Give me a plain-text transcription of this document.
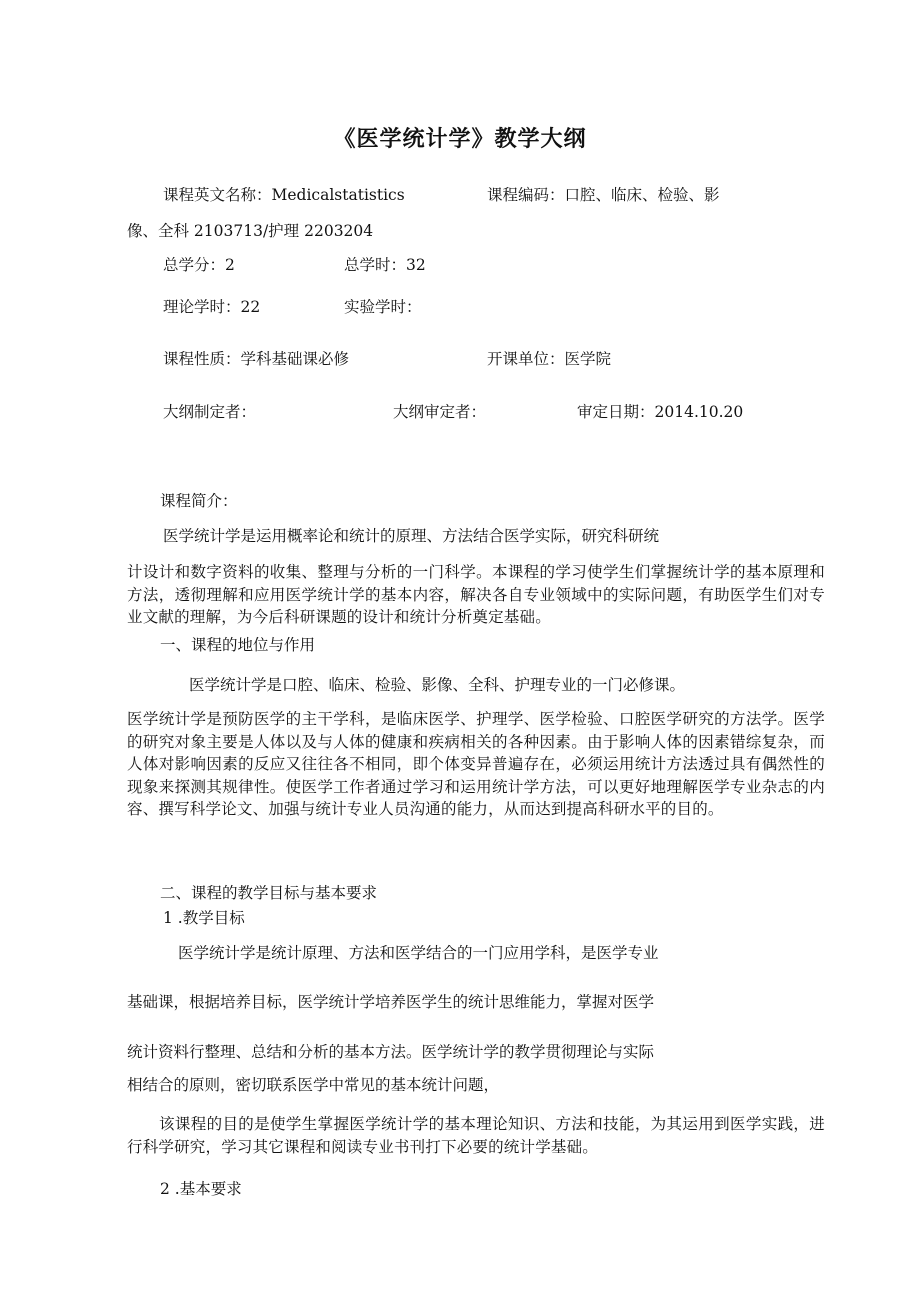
《医学统计学》教学大纲
课程英文名称：Medicalstatistics	课程编码：口腔、临床、检验、影
像、全科 2103713/护理 2203204
总学分：2	总学时：32
理论学时：22	实验学时：
课程性质：学科基础课必修	开课单位：医学院
大纲制定者：	大纲审定者：	审定日期：2014.10.20
课程简介：
医学统计学是运用概率论和统计的原理、方法结合医学实际，研究科研统
计设计和数字资料的收集、整理与分析的一门科学。本课程的学习使学生们掌握统计学的基本原理和方法，透彻理解和应用医学统计学的基本内容，解决各自专业领域中的实际问题，有助医学生们对专业文献的理解，为今后科研课题的设计和统计分析奠定基础。
一、课程的地位与作用
医学统计学是口腔、临床、检验、影像、全科、护理专业的一门必修课。
医学统计学是预防医学的主干学科，是临床医学、护理学、医学检验、口腔医学研究的方法学。医学的研究对象主要是人体以及与人体的健康和疾病相关的各种因素。由于影响人体的因素错综复杂，而人体对影响因素的反应又往往各不相同，即个体变异普遍存在，必须运用统计方法透过具有偶然性的现象来探测其规律性。使医学工作者通过学习和运用统计学方法，可以更好地理解医学专业杂志的内容、撰写科学论文、加强与统计专业人员沟通的能力，从而达到提高科研水平的目的。
二、课程的教学目标与基本要求
1 .教学目标
医学统计学是统计原理、方法和医学结合的一门应用学科，是医学专业
基础课，根据培养目标，医学统计学培养医学生的统计思维能力，掌握对医学
统计资料行整理、总结和分析的基本方法。医学统计学的教学贯彻理论与实际
相结合的原则，密切联系医学中常见的基本统计问题，
该课程的目的是使学生掌握医学统计学的基本理论知识、方法和技能，为其运用到医学实践，进行科学研究，学习其它课程和阅读专业书刊打下必要的统计学基础。
2 .基本要求
